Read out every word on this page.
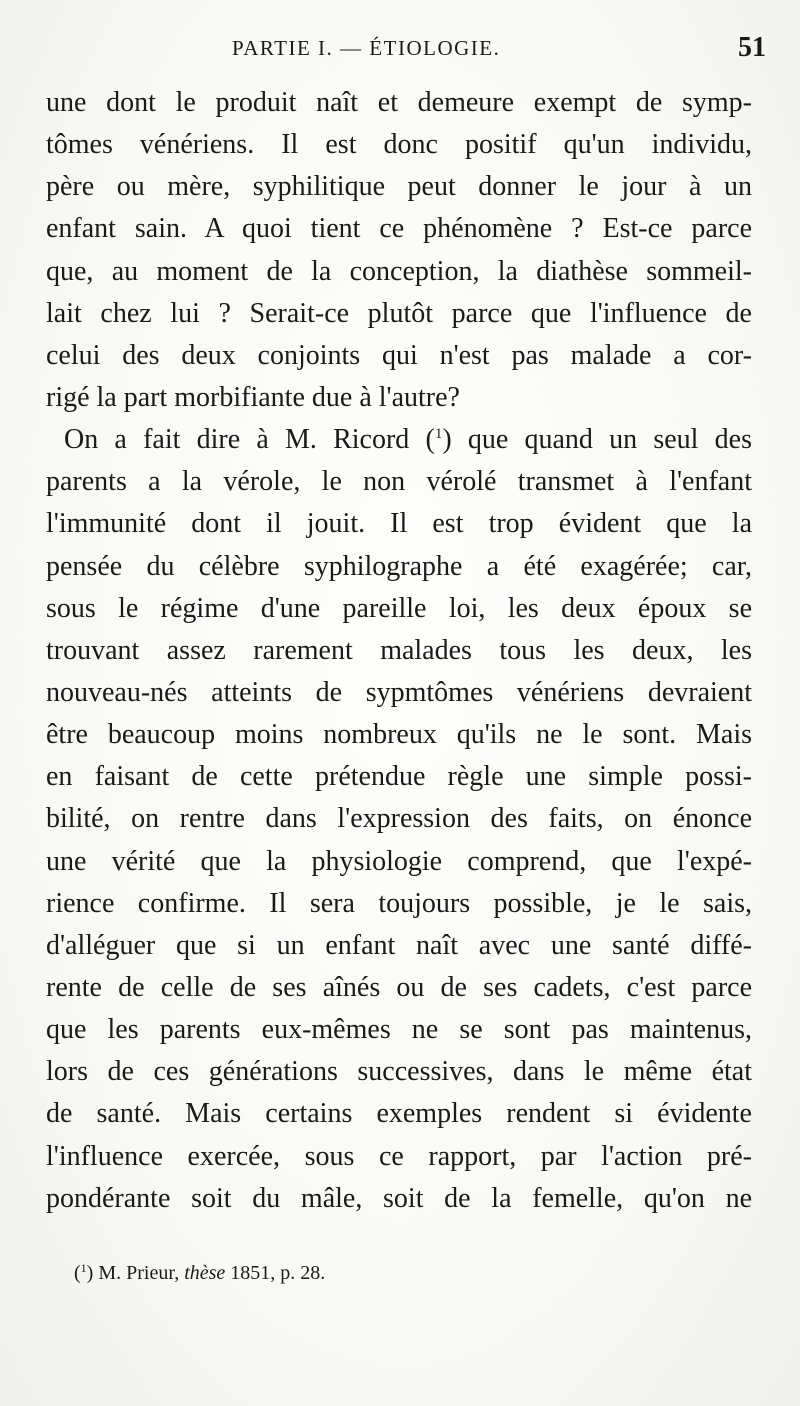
PARTIE I. — ÉTIOLOGIE.	51
une dont le produit naît et demeure exempt de symp-
tômes vénériens. Il est donc positif qu'un individu,
père ou mère, syphilitique peut donner le jour à un
enfant sain. A quoi tient ce phénomène ? Est-ce parce
que, au moment de la conception, la diathèse sommeil-
lait chez lui ? Serait-ce plutôt parce que l'influence de
celui des deux conjoints qui n'est pas malade a cor-
rigé la part morbifiante due à l'autre?
On a fait dire à M. Ricord ($^1$) que quand un seul des
parents a la vérole, le non vérolé transmet à l'enfant
l'immunité dont il jouit. Il est trop évident que la
pensée du célèbre syphilographe a été exagérée; car,
sous le régime d'une pareille loi, les deux époux se
trouvant assez rarement malades tous les deux, les
nouveau-nés atteints de sypmtômes vénériens devraient
être beaucoup moins nombreux qu'ils ne le sont. Mais
en faisant de cette prétendue règle une simple possi-
bilité, on rentre dans l'expression des faits, on énonce
une vérité que la physiologie comprend, que l'expé-
rience confirme. Il sera toujours possible, je le sais,
d'alléguer que si un enfant naît avec une santé diffé-
rente de celle de ses aînés ou de ses cadets, c'est parce
que les parents eux-mêmes ne se sont pas maintenus,
lors de ces générations successives, dans le même état
de santé. Mais certains exemples rendent si évidente
l'influence exercée, sous ce rapport, par l'action pré-
pondérante soit du mâle, soit de la femelle, qu'on ne
($^1$) M. Prieur, thèse 1851, p. 28.
